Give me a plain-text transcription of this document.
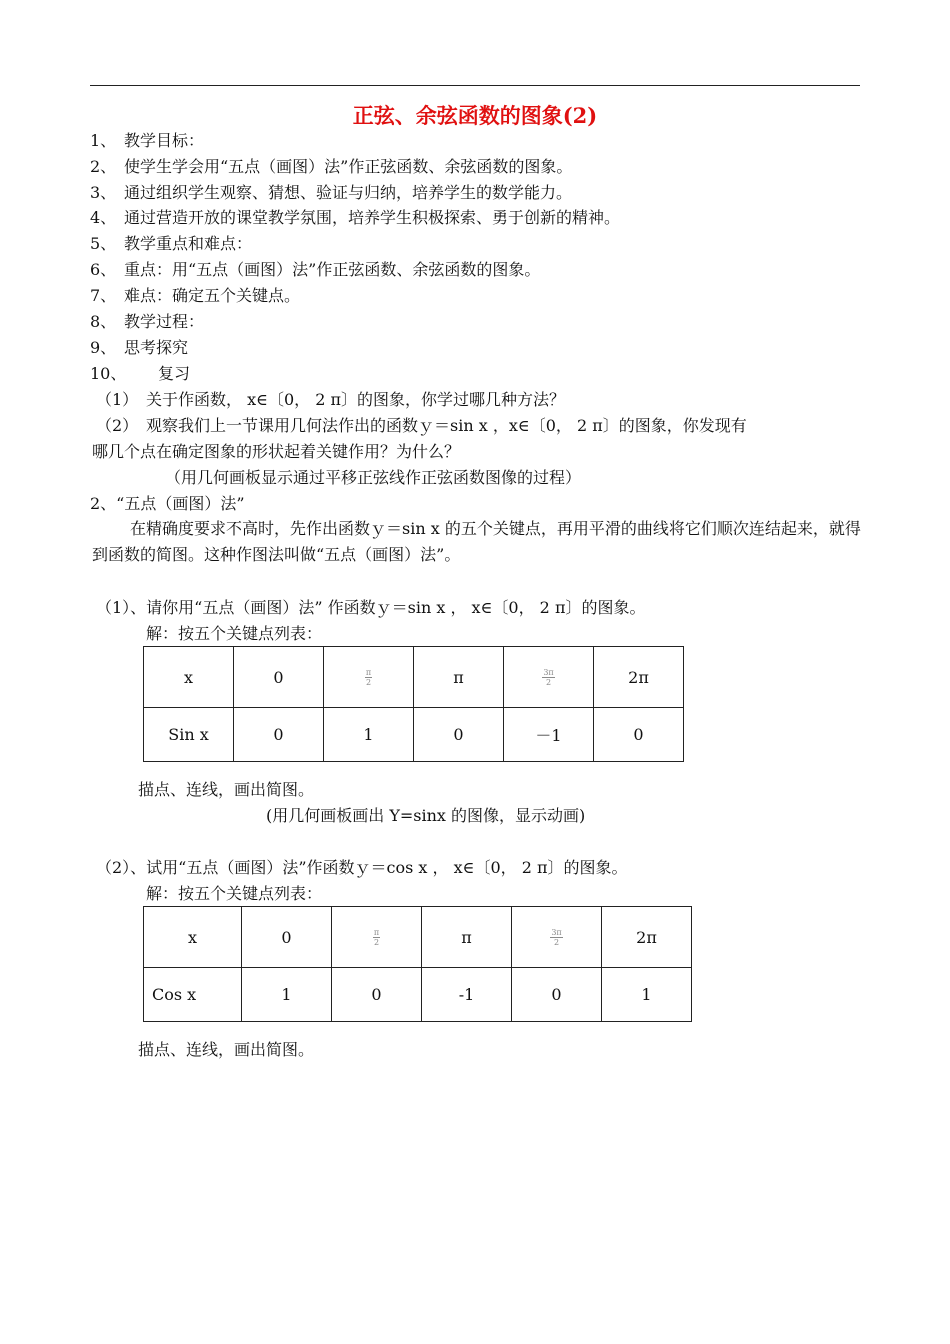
正弦、余弦函数的图象(2)
1、 教学目标：
2、 使学生学会用“五点（画图）法”作正弦函数、余弦函数的图象。
3、 通过组织学生观察、猜想、验证与归纳，培养学生的数学能力。
4、 通过营造开放的课堂教学氛围，培养学生积极探索、勇于创新的精神。
5、 教学重点和难点：
6、 重点：用“五点（画图）法”作正弦函数、余弦函数的图象。
7、 难点：确定五个关键点。
8、 教学过程：
9、 思考探究
10、 复习
（1） 关于作函数， x∈〔0， 2 π〕的图象，你学过哪几种方法？
（2） 观察我们上一节课用几何法作出的函数ｙ＝sin x ，x∈〔0， 2 π〕的图象，你发现有
哪几个点在确定图象的形状起着关键作用？为什么？
（用几何画板显示通过平移正弦线作正弦函数图像的过程）
2、“五点（画图）法”
在精确度要求不高时，先作出函数ｙ＝sin x 的五个关键点，再用平滑的曲线将它们顺次连结起来，就得到函数的简图。这种作图法叫做“五点（画图）法”。
（1）、请你用“五点（画图）法” 作函数ｙ＝sin x ， x∈〔0， 2 π〕的图象。
解：按五个关键点列表：
x	0	$\frac{\pi}{2}$	π	$\frac{3\pi}{2}$	2π
Sin x	0	1	0	－1	0
描点、连线，画出简图。
(用几何画板画出 Y=sinx 的图像，显示动画)
（2）、试用“五点（画图）法”作函数ｙ＝cos x ， x∈〔0， 2 π〕的图象。
解：按五个关键点列表：
x	0	$\frac{\pi}{2}$	π	$\frac{3\pi}{2}$	2π
Cos x	1	0	-1	0	1
描点、连线，画出简图。
